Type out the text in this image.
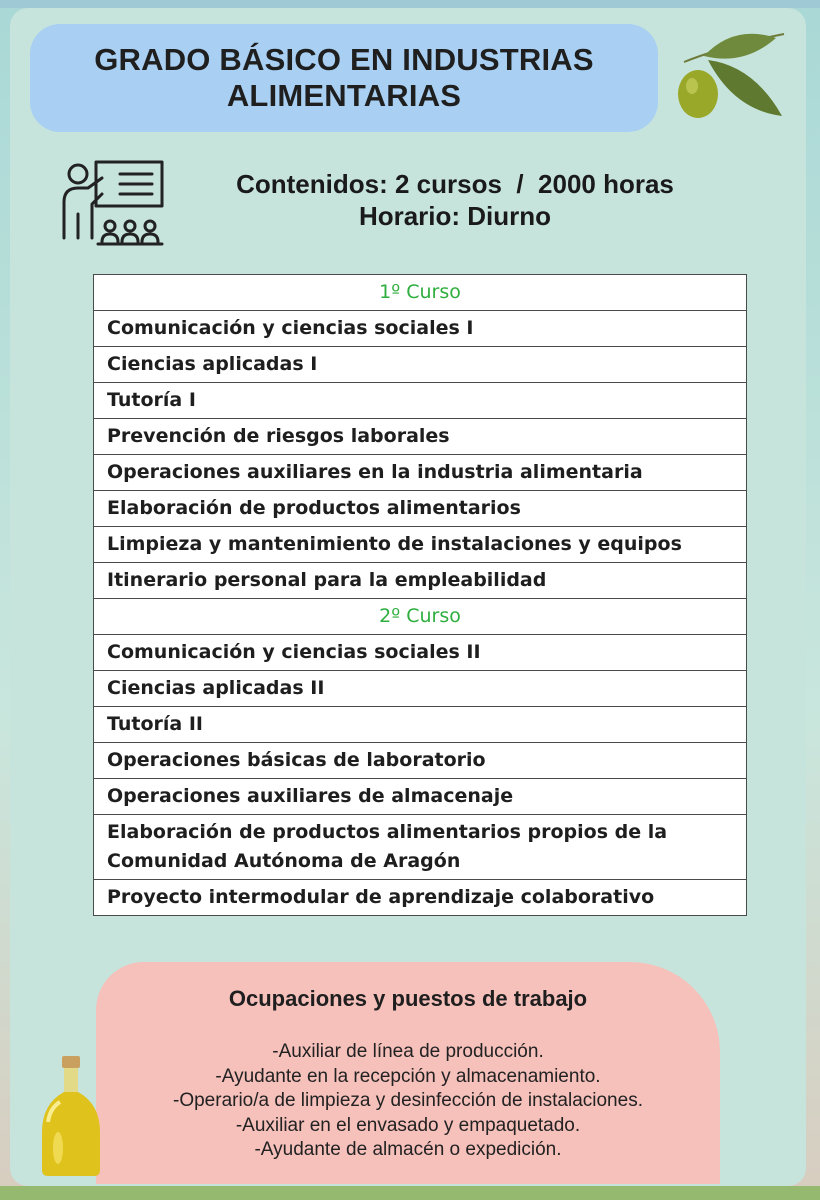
GRADO BÁSICO EN INDUSTRIAS
ALIMENTARIAS
Contenidos: 2 cursos  /  2000 horas
Horario: Diurno
1º Curso
Comunicación y ciencias sociales I
Ciencias aplicadas I
Tutoría I
Prevención de riesgos laborales
Operaciones auxiliares en la industria alimentaria
Elaboración de productos alimentarios
Limpieza y mantenimiento de instalaciones y equipos
Itinerario personal para la empleabilidad
2º Curso
Comunicación y ciencias sociales II
Ciencias aplicadas II
Tutoría II
Operaciones básicas de laboratorio
Operaciones auxiliares de almacenaje
Elaboración de productos alimentarios propios de la Comunidad Autónoma de Aragón
Proyecto intermodular de aprendizaje colaborativo
Ocupaciones y puestos de trabajo
-Auxiliar de línea de producción.
-Ayudante en la recepción y almacenamiento.
-Operario/a de limpieza y desinfección de instalaciones.
-Auxiliar en el envasado y empaquetado.
-Ayudante de almacén o expedición.
